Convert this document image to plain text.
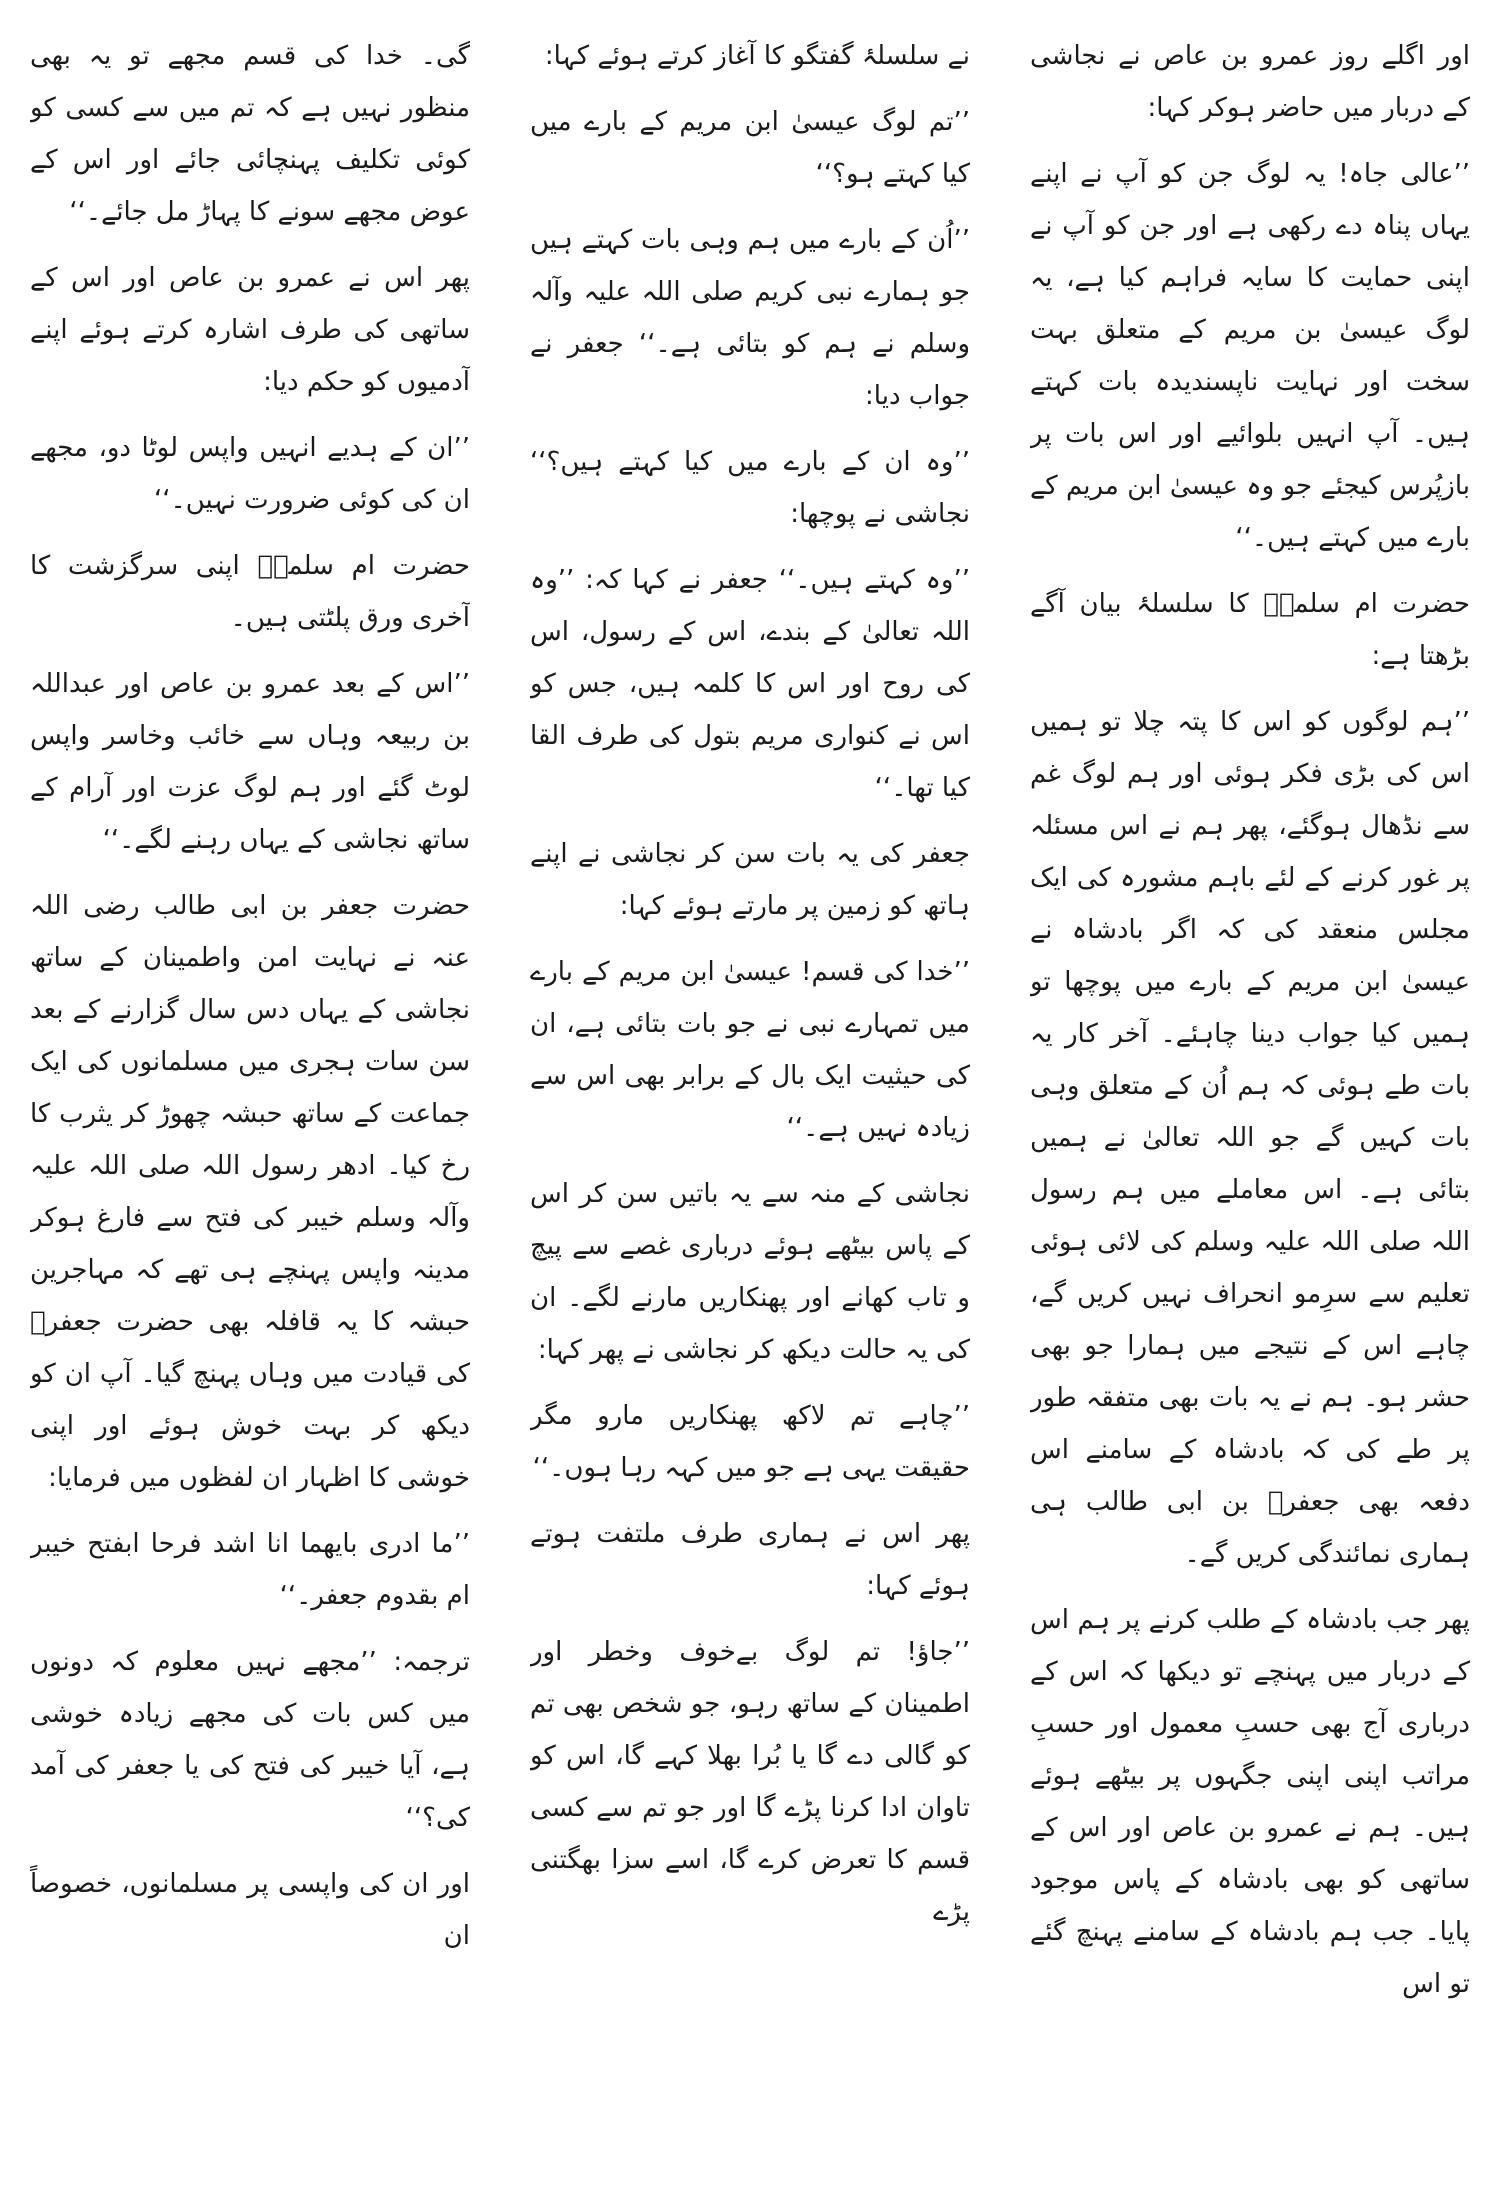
اور اگلے روز عمرو بن عاص نے نجاشی کے دربار میں حاضر ہوکر کہا:

’’عالی جاہ! یہ لوگ جن کو آپ نے اپنے یہاں پناہ دے رکھی ہے اور جن کو آپ نے اپنی حمایت کا سایہ فراہم کیا ہے، یہ لوگ عیسیٰ بن مریم کے متعلق بہت سخت اور نہایت ناپسندیدہ بات کہتے ہیں۔ آپ انہیں بلوائیے اور اس بات پر بازپُرس کیجئے جو وہ عیسیٰ ابن مریم کے بارے میں کہتے ہیں۔‘‘

حضرت ام سلمہؓ کا سلسلۂ بیان آگے بڑھتا ہے:

’’ہم لوگوں کو اس کا پتہ چلا تو ہمیں اس کی بڑی فکر ہوئی اور ہم لوگ غم سے نڈھال ہوگئے، پھر ہم نے اس مسئلہ پر غور کرنے کے لئے باہم مشورہ کی ایک مجلس منعقد کی کہ اگر بادشاہ نے عیسیٰ ابن مریم کے بارے میں پوچھا تو ہمیں کیا جواب دینا چاہئے۔ آخر کار یہ بات طے ہوئی کہ ہم اُن کے متعلق وہی بات کہیں گے جو اللہ تعالیٰ نے ہمیں بتائی ہے۔ اس معاملے میں ہم رسول اللہ صلی اللہ علیہ وسلم کی لائی ہوئی تعلیم سے سرِمو انحراف نہیں کریں گے، چاہے اس کے نتیجے میں ہمارا جو بھی حشر ہو۔ ہم نے یہ بات بھی متفقہ طور پر طے کی کہ بادشاہ کے سامنے اس دفعہ بھی جعفرؓ بن ابی طالب ہی ہماری نمائندگی کریں گے۔

پھر جب بادشاہ کے طلب کرنے پر ہم اس کے دربار میں پہنچے تو دیکھا کہ اس کے درباری آج بھی حسبِ معمول اور حسبِ مراتب اپنی اپنی جگہوں پر بیٹھے ہوئے ہیں۔ ہم نے عمرو بن عاص اور اس کے ساتھی کو بھی بادشاہ کے پاس موجود پایا۔ جب ہم بادشاہ کے سامنے پہنچ گئے تو اس

نے سلسلۂ گفتگو کا آغاز کرتے ہوئے کہا:

’’تم لوگ عیسیٰ ابن مریم کے بارے میں کیا کہتے ہو؟‘‘

’’اُن کے بارے میں ہم وہی بات کہتے ہیں جو ہمارے نبی کریم صلی اللہ علیہ وآلہ وسلم نے ہم کو بتائی ہے۔‘‘ جعفر نے جواب دیا:

’’وہ ان کے بارے میں کیا کہتے ہیں؟‘‘ نجاشی نے پوچھا:

’’وہ کہتے ہیں۔‘‘ جعفر نے کہا کہ: ’’وہ اللہ تعالیٰ کے بندے، اس کے رسول، اس کی روح اور اس کا کلمہ ہیں، جس کو اس نے کنواری مریم بتول کی طرف القا کیا تھا۔‘‘

جعفر کی یہ بات سن کر نجاشی نے اپنے ہاتھ کو زمین پر مارتے ہوئے کہا:

’’خدا کی قسم! عیسیٰ ابن مریم کے بارے میں تمہارے نبی نے جو بات بتائی ہے، ان کی حیثیت ایک بال کے برابر بھی اس سے زیادہ نہیں ہے۔‘‘

نجاشی کے منہ سے یہ باتیں سن کر اس کے پاس بیٹھے ہوئے درباری غصے سے پیچ و تاب کھانے اور پھنکاریں مارنے لگے۔ ان کی یہ حالت دیکھ کر نجاشی نے پھر کہا:

’’چاہے تم لاکھ پھنکاریں مارو مگر حقیقت یہی ہے جو میں کہہ رہا ہوں۔‘‘

پھر اس نے ہماری طرف ملتفت ہوتے ہوئے کہا:

’’جاؤ! تم لوگ بےخوف وخطر اور اطمینان کے ساتھ رہو، جو شخص بھی تم کو گالی دے گا یا بُرا بھلا کہے گا، اس کو تاوان ادا کرنا پڑے گا اور جو تم سے کسی قسم کا تعرض کرے گا، اسے سزا بھگتنی پڑے

گی۔ خدا کی قسم مجھے تو یہ بھی منظور نہیں ہے کہ تم میں سے کسی کو کوئی تکلیف پہنچائی جائے اور اس کے عوض مجھے سونے کا پہاڑ مل جائے۔‘‘

پھر اس نے عمرو بن عاص اور اس کے ساتھی کی طرف اشارہ کرتے ہوئے اپنے آدمیوں کو حکم دیا:

’’ان کے ہدیے انہیں واپس لوٹا دو، مجھے ان کی کوئی ضرورت نہیں۔‘‘

حضرت ام سلمہؓ اپنی سرگزشت کا آخری ورق پلٹتی ہیں۔

’’اس کے بعد عمرو بن عاص اور عبداللہ بن ربیعہ وہاں سے خائب وخاسر واپس لوٹ گئے اور ہم لوگ عزت اور آرام کے ساتھ نجاشی کے یہاں رہنے لگے۔‘‘

حضرت جعفر بن ابی طالب رضی اللہ عنہ نے نہایت امن واطمینان کے ساتھ نجاشی کے یہاں دس سال گزارنے کے بعد سن سات ہجری میں مسلمانوں کی ایک جماعت کے ساتھ حبشہ چھوڑ کر یثرب کا رخ کیا۔ ادھر رسول اللہ صلی اللہ علیہ وآلہ وسلم خیبر کی فتح سے فارغ ہوکر مدینہ واپس پہنچے ہی تھے کہ مہاجرین حبشہ کا یہ قافلہ بھی حضرت جعفرؓ کی قیادت میں وہاں پہنچ گیا۔ آپ ان کو دیکھ کر بہت خوش ہوئے اور اپنی خوشی کا اظہار ان لفظوں میں فرمایا:

’’ما ادری بایھما انا اشد فرحا ابفتح خیبر ام بقدوم جعفر۔‘‘

ترجمہ: ’’مجھے نہیں معلوم کہ دونوں میں کس بات کی مجھے زیادہ خوشی ہے، آیا خیبر کی فتح کی یا جعفر کی آمد کی؟‘‘

اور ان کی واپسی پر مسلمانوں، خصوصاً ان
